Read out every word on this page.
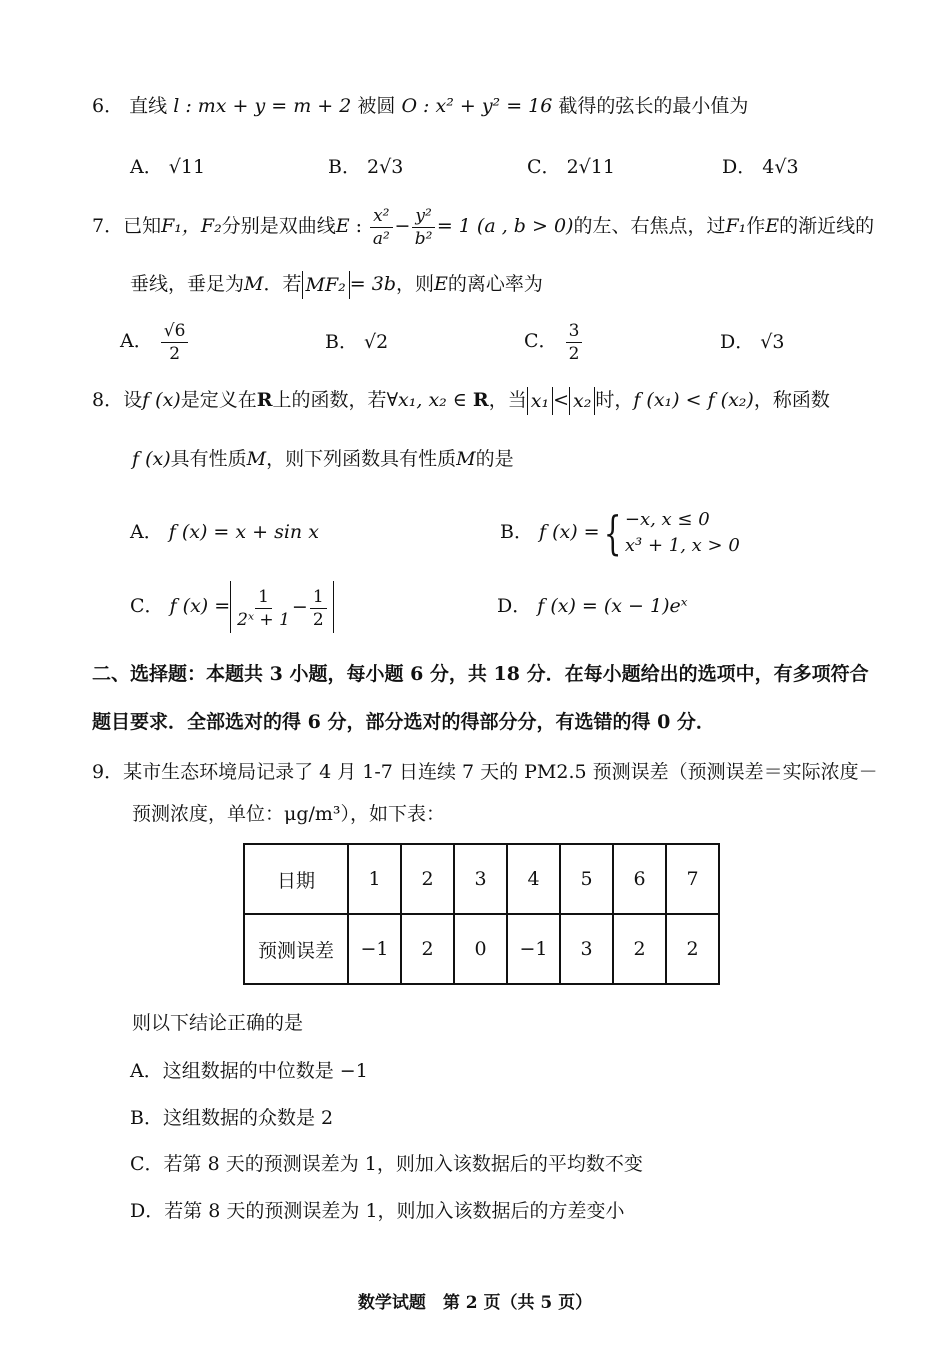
6． 直线 l : mx + y = m + 2 被圆 O : x² + y² = 16 截得的弦长的最小值为
A． √11	B． 2√3	C． 2√11	D． 4√3
7．已知F₁，F₂分别是双曲线E : $\frac{\text{x²}}{\text{a²}} - \frac{\text{y²}}{\text{b²}} = 1$ (a , b > 0)的左、右焦点，过F₁作E的渐近线的
垂线，垂足为M．若 MF₂ = 3b，则E的离心率为
A． $\frac{√6}{2}$	B． √2	C． $\frac{3}{2}$	D． √3
8．设f (x)是定义在R上的函数，若∀x₁, x₂ ∈ R，当 x₁ < x₂ 时，f (x₁) < f (x₂)，称函数
f (x)具有性质M，则下列函数具有性质M的是
A． f (x) = x + sin x	B． f (x) ={ −x, x ≤ 0
x³ + 1, x > 0
C． f $(x) = \frac{1}{\text{2ˣ + 1}} - \frac{1}{2}$	D． f (x) = (x − 1)eˣ
二、选择题：本题共 3 小题，每小题 6 分，共 18 分．在每小题给出的选项中，有多项符合
题目要求．全部选对的得 6 分，部分选对的得部分分，有选错的得 0 分．
9．某市生态环境局记录了 4 月 1-7 日连续 7 天的 PM2.5 预测误差（预测误差＝实际浓度－
预测浓度，单位：μg/m³），如下表：
日期	1	2	3	4	5	6	7
预测误差	−1	2	0	−1	3	2	2
则以下结论正确的是
A．这组数据的中位数是 −1
B．这组数据的众数是 2
C．若第 8 天的预测误差为 1，则加入该数据后的平均数不变
D．若第 8 天的预测误差为 1，则加入该数据后的方差变小
数学试题　第 2 页（共 5 页）
